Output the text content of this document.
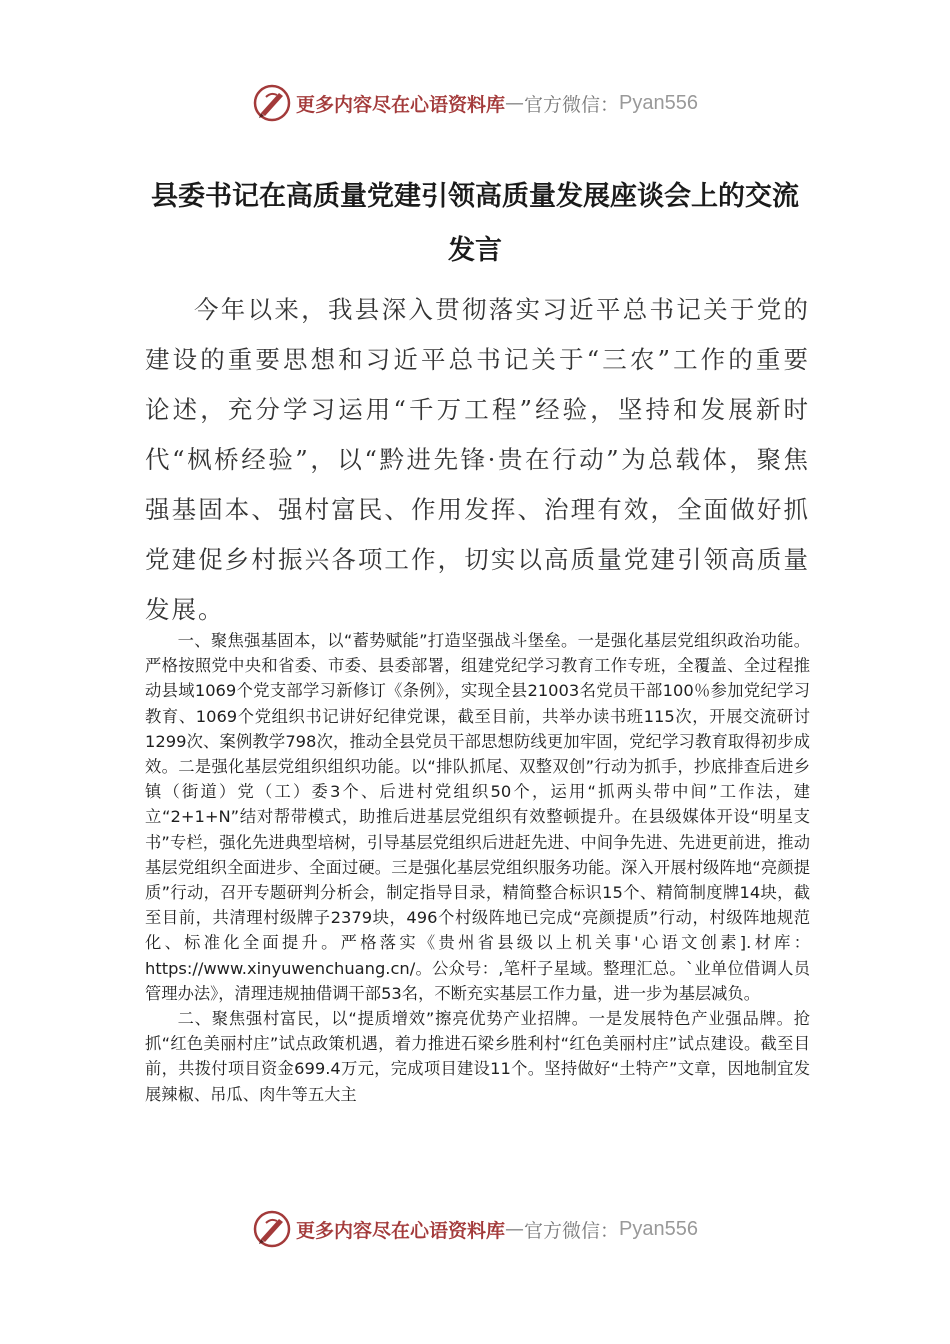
更多内容尽在心语资料库 — 官方微信： Pyan556
县委书记在高质量党建引领高质量发展座谈会上的交流发言

今年以来，我县深入贯彻落实习近平总书记关于党的建设的重要思想和习近平总书记关于“三农”工作的重要论述，充分学习运用“千万工程”经验，坚持和发展新时代“枫桥经验”，以“黔进先锋·贵在行动”为总载体，聚焦强基固本、强村富民、作用发挥、治理有效，全面做好抓党建促乡村振兴各项工作，切实以高质量党建引领高质量发展。

一、聚焦强基固本，以“蓄势赋能”打造坚强战斗堡垒。一是强化基层党组织政治功能。严格按照党中央和省委、市委、县委部署，组建党纪学习教育工作专班，全覆盖、全过程推动县域1069个党支部学习新修订《条例》，实现全县21003名党员干部100％参加党纪学习教育、1069个党组织书记讲好纪律党课，截至目前，共举办读书班115次，开展交流研讨1299次、案例教学798次，推动全县党员干部思想防线更加牢固，党纪学习教育取得初步成效。二是强化基层党组织组织功能。以“排队抓尾、双整双创”行动为抓手，抄底排查后进乡镇（街道）党（工）委3个、后进村党组织50个，运用“抓两头带中间”工作法，建立“2+1+N”结对帮带模式，助推后进基层党组织有效整顿提升。在县级媒体开设“明星支书”专栏，强化先进典型培树，引导基层党组织后进赶先进、中间争先进、先进更前进，推动基层党组织全面进步、全面过硬。三是强化基层党组织服务功能。深入开展村级阵地“亮颜提质”行动，召开专题研判分析会，制定指导目录，精简整合标识15个、精简制度牌14块，截至目前，共清理村级牌子2379块，496个村级阵地已完成“亮颜提质”行动，村级阵地规范化、标准化全面提升。严格落实《贵州省县级以上机关事'心语文创素].材库：https://www.xinyuwenchuang.cn/。公众号：,笔杆子星域。整理汇总。`业单位借调人员管理办法》，清理违规抽借调干部53名，不断充实基层工作力量，进一步为基层减负。

二、聚焦强村富民，以“提质增效”擦亮优势产业招牌。一是发展特色产业强品牌。抢抓“红色美丽村庄”试点政策机遇，着力推进石梁乡胜利村“红色美丽村庄”试点建设。截至目前，共拨付项目资金699.4万元，完成项目建设11个。坚持做好“土特产”文章，因地制宜发展辣椒、吊瓜、肉牛等五大主

更多内容尽在心语资料库 — 官方微信： Pyan556
